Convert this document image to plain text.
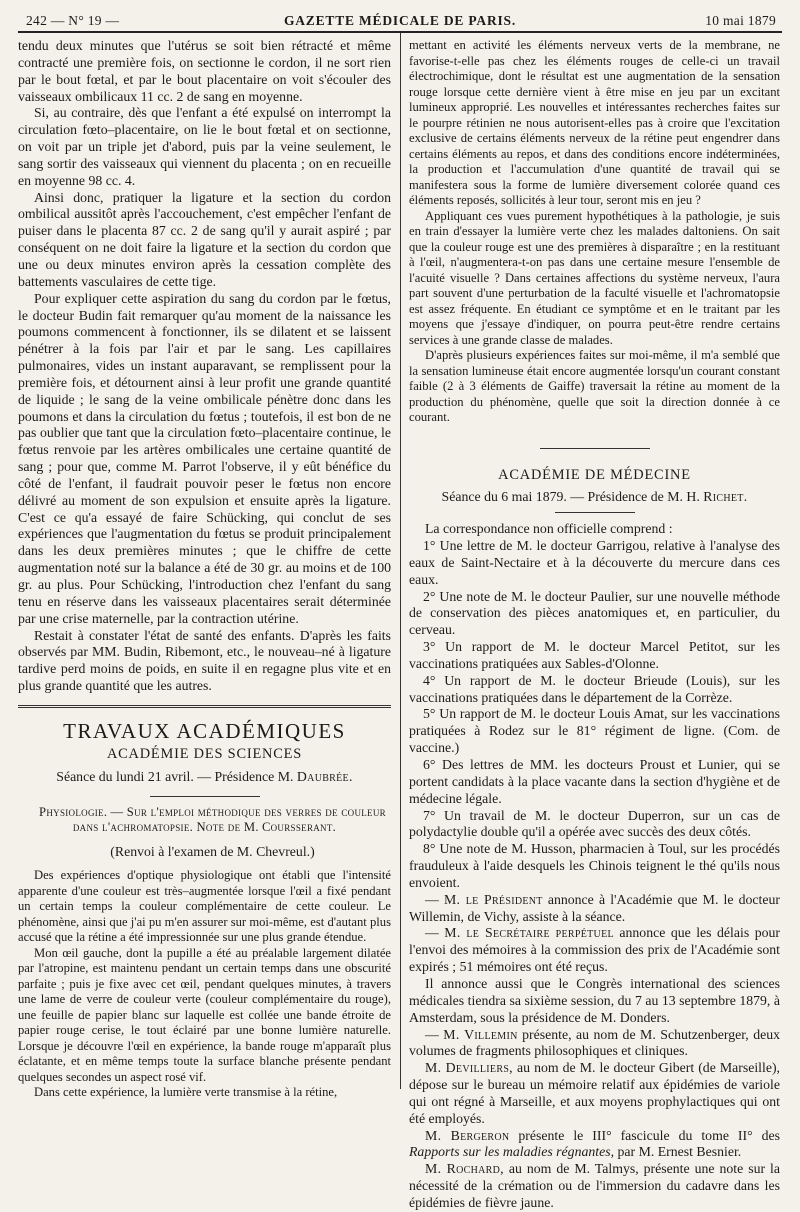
242 — N° 19 —	GAZETTE MÉDICALE DE PARIS.	10 mai 1879

tendu deux minutes que l'utérus se soit bien rétracté et même contracté une première fois, on sectionne le cordon, il ne sort rien par le bout fœtal, et par le bout placentaire on voit s'écouler des vaisseaux ombilicaux 11 cc. 2 de sang en moyenne.

Si, au contraire, dès que l'enfant a été expulsé on interrompt la circulation fœto–placentaire, on lie le bout fœtal et on sectionne, on voit par un triple jet d'abord, puis par la veine seulement, le sang sortir des vaisseaux qui viennent du placenta ; on en recueille en moyenne 98 cc. 4.

Ainsi donc, pratiquer la ligature et la section du cordon ombilical aussitôt après l'accouchement, c'est empêcher l'enfant de puiser dans le placenta 87 cc. 2 de sang qu'il y aurait aspiré ; par conséquent on ne doit faire la ligature et la section du cordon que une ou deux minutes environ après la cessation complète des battements vasculaires de cette tige.

Pour expliquer cette aspiration du sang du cordon par le fœtus, le docteur Budin fait remarquer qu'au moment de la naissance les poumons commencent à fonctionner, ils se dilatent et se laissent pénétrer à la fois par l'air et par le sang. Les capillaires pulmonaires, vides un instant auparavant, se remplissent pour la première fois, et détournent ainsi à leur profit une grande quantité de liquide ; le sang de la veine ombilicale pénètre donc dans les poumons et dans la circulation du fœtus ; toutefois, il est bon de ne pas oublier que tant que la circulation fœto–placentaire continue, le fœtus renvoie par les artères ombilicales une certaine quantité de sang ; pour que, comme M. Parrot l'observe, il y eût bénéfice du côté de l'enfant, il faudrait pouvoir peser le fœtus non encore délivré au moment de son expulsion et ensuite après la ligature. C'est ce qu'a essayé de faire Schücking, qui conclut de ses expériences que l'augmentation du fœtus se produit principalement dans les deux premières minutes ; que le chiffre de cette augmentation noté sur la balance a été de 30 gr. au moins et de 100 gr. au plus. Pour Schücking, l'introduction chez l'enfant du sang tenu en réserve dans les vaisseaux placentaires serait déterminée par une crise maternelle, par la contraction utérine.

Restait à constater l'état de santé des enfants. D'après les faits observés par MM. Budin, Ribemont, etc., le nouveau–né à ligature tardive perd moins de poids, en suite il en regagne plus vite et en plus grande quantité que les autres.

TRAVAUX ACADÉMIQUES
ACADÉMIE DES SCIENCES
Séance du lundi 21 avril. — Présidence M. Daubrée.

Physiologie. — Sur l'emploi méthodique des verres de couleur dans l'achromatopsie. Note de M. Coursserant.

(Renvoi à l'examen de M. Chevreul.)

Des expériences d'optique physiologique ont établi que l'intensité apparente d'une couleur est très–augmentée lorsque l'œil a fixé pendant un certain temps la couleur complémentaire de cette couleur. Le phénomène, ainsi que j'ai pu m'en assurer sur moi-même, est d'autant plus accusé que la rétine a été impressionnée sur une plus grande étendue.

Mon œil gauche, dont la pupille a été au préalable largement dilatée par l'atropine, est maintenu pendant un certain temps dans une obscurité parfaite ; puis je fixe avec cet œil, pendant quelques minutes, à travers une lame de verre de couleur verte (couleur complémentaire du rouge), une feuille de papier blanc sur laquelle est collée une bande étroite de papier rouge cerise, le tout éclairé par une bonne lumière naturelle. Lorsque je découvre l'œil en expérience, la bande rouge m'apparaît plus éclatante, et en même temps toute la surface blanche présente pendant quelques secondes un aspect rosé vif.

Dans cette expérience, la lumière verte transmise à la rétine,

mettant en activité les éléments nerveux verts de la membrane, ne favorise-t-elle pas chez les éléments rouges de celle-ci un travail électrochimique, dont le résultat est une augmentation de la sensation rouge lorsque cette dernière vient à être mise en jeu par un excitant lumineux approprié. Les nouvelles et intéressantes recherches faites sur le pourpre rétinien ne nous autorisent-elles pas à croire que l'excitation exclusive de certains éléments nerveux de la rétine peut engendrer dans certains éléments au repos, et dans des conditions encore indéterminées, la production et l'accumulation d'une quantité de travail qui se manifestera sous la forme de lumière diversement colorée quand ces éléments reposés, sollicités à leur tour, seront mis en jeu ?

Appliquant ces vues purement hypothétiques à la pathologie, je suis en train d'essayer la lumière verte chez les malades daltoniens. On sait que la couleur rouge est une des premières à disparaître ; en la restituant à l'œil, n'augmentera-t-on pas dans une certaine mesure l'ensemble de l'acuité visuelle ? Dans certaines affections du système nerveux, l'aura part souvent d'une perturbation de la faculté visuelle et l'achromatopsie est assez fréquente. En étudiant ce symptôme et en le traitant par les moyens que j'essaye d'indiquer, on pourra peut-être rendre certains services à une grande classe de malades.

D'après plusieurs expériences faites sur moi-même, il m'a semblé que la sensation lumineuse était encore augmentée lorsqu'un courant constant faible (2 à 3 éléments de Gaiffe) traversait la rétine au moment de la production du phénomène, quelle que soit la direction donnée à ce courant.

ACADÉMIE DE MÉDECINE
Séance du 6 mai 1879. — Présidence de M. H. Richet.

La correspondance non officielle comprend :

1° Une lettre de M. le docteur Garrigou, relative à l'analyse des eaux de Saint-Nectaire et à la découverte du mercure dans ces eaux.

2° Une note de M. le docteur Paulier, sur une nouvelle méthode de conservation des pièces anatomiques et, en particulier, du cerveau.

3° Un rapport de M. le docteur Marcel Petitot, sur les vaccinations pratiquées aux Sables-d'Olonne.

4° Un rapport de M. le docteur Brieude (Louis), sur les vaccinations pratiquées dans le département de la Corrèze.

5° Un rapport de M. le docteur Louis Amat, sur les vaccinations pratiquées à Rodez sur le 81° régiment de ligne. (Com. de vaccine.)

6° Des lettres de MM. les docteurs Proust et Lunier, qui se portent candidats à la place vacante dans la section d'hygiène et de médecine légale.

7° Un travail de M. le docteur Duperron, sur un cas de polydactylie double qu'il a opérée avec succès des deux côtés.

8° Une note de M. Husson, pharmacien à Toul, sur les procédés frauduleux à l'aide desquels les Chinois teignent le thé qu'ils nous envoient.

— M. le Président annonce à l'Académie que M. le docteur Willemin, de Vichy, assiste à la séance.

— M. le Secrétaire perpétuel annonce que les délais pour l'envoi des mémoires à la commission des prix de l'Académie sont expirés ; 51 mémoires ont été reçus.

Il annonce aussi que le Congrès international des sciences médicales tiendra sa sixième session, du 7 au 13 septembre 1879, à Amsterdam, sous la présidence de M. Donders.

— M. Villemin présente, au nom de M. Schutzenberger, deux volumes de fragments philosophiques et cliniques.

M. Devilliers, au nom de M. le docteur Gibert (de Marseille), dépose sur le bureau un mémoire relatif aux épidémies de variole qui ont régné à Marseille, et aux moyens prophylactiques qui ont été employés.

M. Bergeron présente le III° fascicule du tome II° des Rapports sur les maladies régnantes, par M. Ernest Besnier.

M. Rochard, au nom de M. Talmys, présente une note sur la nécessité de la crémation ou de l'immersion du cadavre dans les épidémies de fièvre jaune.
